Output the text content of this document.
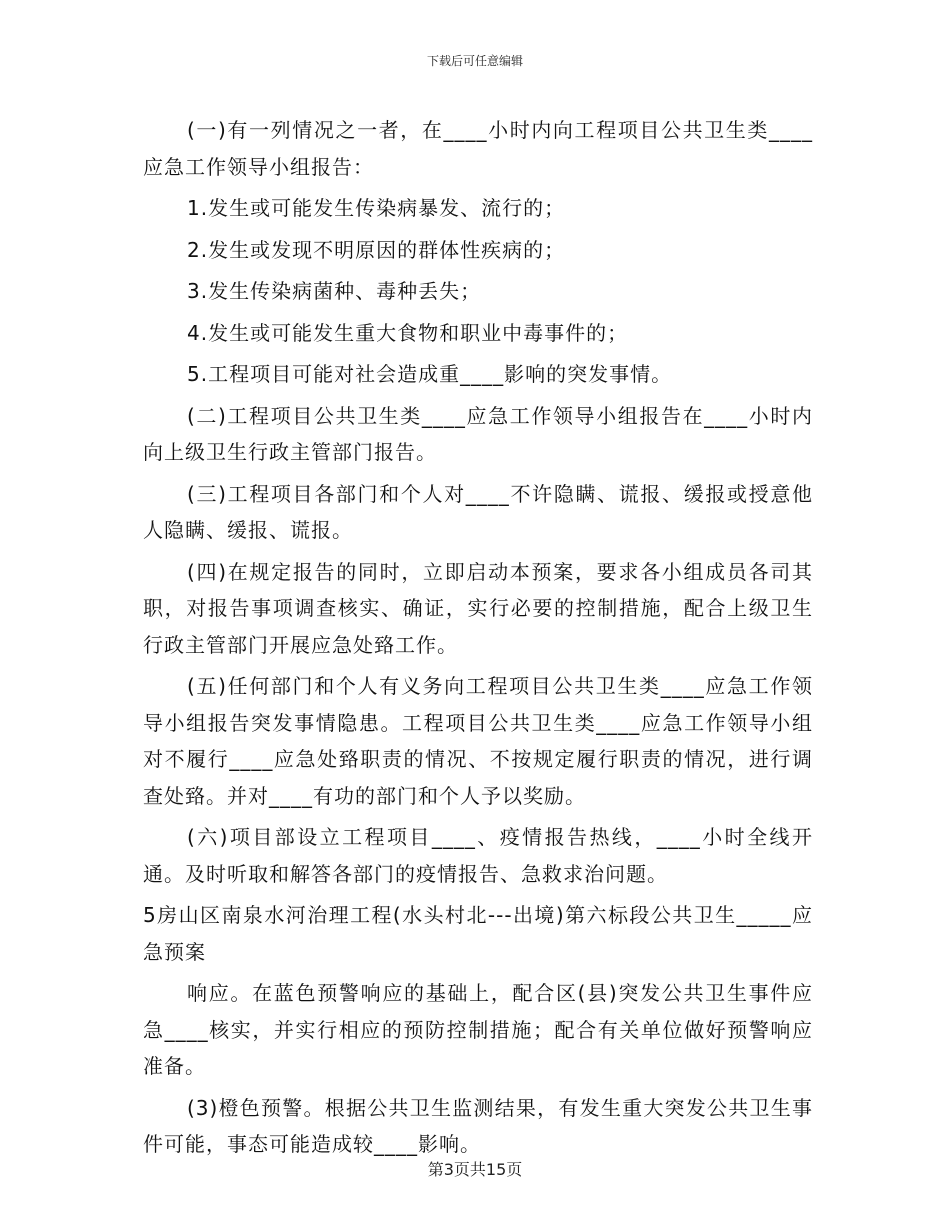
下载后可任意编辑

(一)有一列情况之一者，在____小时内向工程项目公共卫生类____应急工作领导小组报告：

1.发生或可能发生传染病暴发、流行的；

2.发生或发现不明原因的群体性疾病的；

3.发生传染病菌种、毒种丢失；

4.发生或可能发生重大食物和职业中毒事件的；

5.工程项目可能对社会造成重____影响的突发事情。

(二)工程项目公共卫生类____应急工作领导小组报告在____小时内向上级卫生行政主管部门报告。

(三)工程项目各部门和个人对____不许隐瞒、谎报、缓报或授意他人隐瞒、缓报、谎报。

(四)在规定报告的同时，立即启动本预案，要求各小组成员各司其职，对报告事项调查核实、确证，实行必要的控制措施，配合上级卫生行政主管部门开展应急处臵工作。

(五)任何部门和个人有义务向工程项目公共卫生类____应急工作领导小组报告突发事情隐患。工程项目公共卫生类____应急工作领导小组对不履行____应急处臵职责的情况、不按规定履行职责的情况，进行调查处臵。并对____有功的部门和个人予以奖励。

(六)项目部设立工程项目____、疫情报告热线，____小时全线开通。及时听取和解答各部门的疫情报告、急救求治问题。

5房山区南泉水河治理工程(水头村北---出境)第六标段公共卫生_____应急预案

响应。在蓝色预警响应的基础上，配合区(县)突发公共卫生事件应急____核实，并实行相应的预防控制措施；配合有关单位做好预警响应准备。

(3)橙色预警。根据公共卫生监测结果，有发生重大突发公共卫生事件可能，事态可能造成较____影响。

第3页共15页
